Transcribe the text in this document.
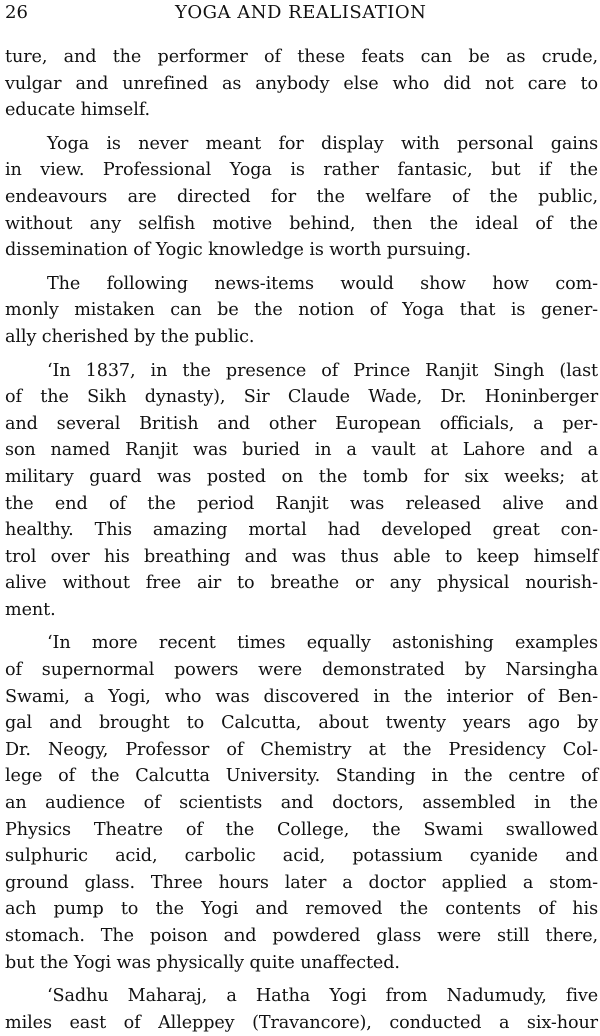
26	YOGA AND REALISATION
ture, and the performer of these feats can be as crude,
vulgar and unrefined as anybody else who did not care to
educate himself.
Yoga is never meant for display with personal gains
in view. Professional Yoga is rather fantasic, but if the
endeavours are directed for the welfare of the public,
without any selfish motive behind, then the ideal of the
dissemination of Yogic knowledge is worth pursuing.
The following news-items would show how com-
monly mistaken can be the notion of Yoga that is gener-
ally cherished by the public.
‘In 1837, in the presence of Prince Ranjit Singh (last
of the Sikh dynasty), Sir Claude Wade, Dr. Honinberger
and several British and other European officials, a per-
son named Ranjit was buried in a vault at Lahore and a
military guard was posted on the tomb for six weeks; at
the end of the period Ranjit was released alive and
healthy. This amazing mortal had developed great con-
trol over his breathing and was thus able to keep himself
alive without free air to breathe or any physical nourish-
ment.
‘In more recent times equally astonishing examples
of supernormal powers were demonstrated by Narsingha
Swami, a Yogi, who was discovered in the interior of Ben-
gal and brought to Calcutta, about twenty years ago by
Dr. Neogy, Professor of Chemistry at the Presidency Col-
lege of the Calcutta University. Standing in the centre of
an audience of scientists and doctors, assembled in the
Physics Theatre of the College, the Swami swallowed
sulphuric acid, carbolic acid, potassium cyanide and
ground glass. Three hours later a doctor applied a stom-
ach pump to the Yogi and removed the contents of his
stomach. The poison and powdered glass were still there,
but the Yogi was physically quite unaffected.
‘Sadhu Maharaj, a Hatha Yogi from Nadumudy, five
miles east of Alleppey (Travancore), conducted a six-hour
